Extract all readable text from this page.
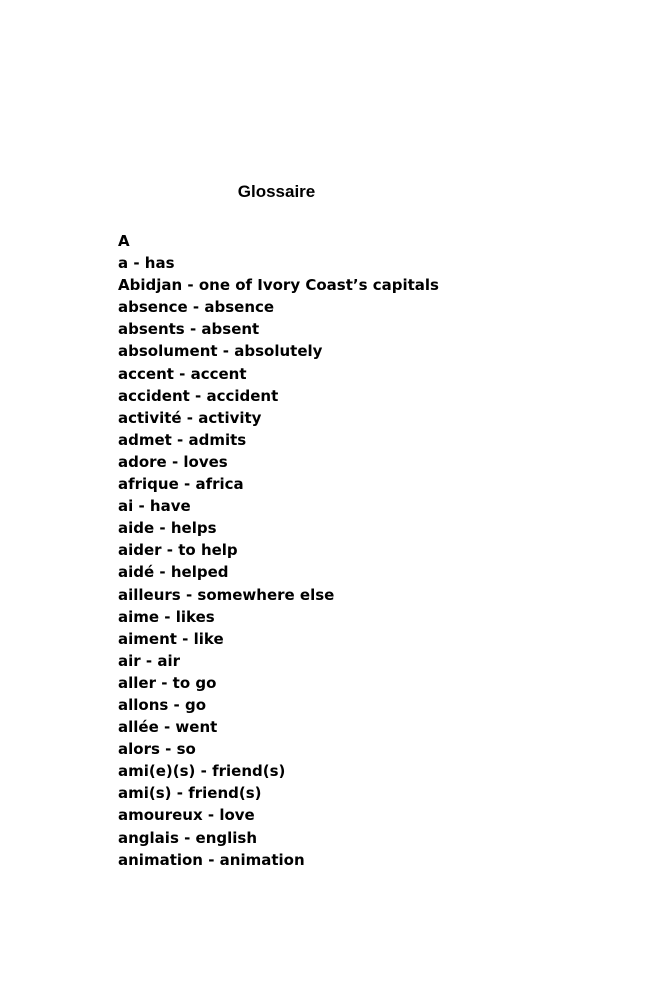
Glossaire
A
a - has
Abidjan - one of Ivory Coast’s capitals
absence - absence
absents - absent
absolument - absolutely
accent - accent
accident - accident
activité - activity
admet - admits
adore - loves
afrique - africa
ai - have
aide - helps
aider - to help
aidé - helped
ailleurs - somewhere else
aime - likes
aiment - like
air - air
aller - to go
allons - go
allée - went
alors - so
ami(e)(s) - friend(s)
ami(s) - friend(s)
amoureux - love
anglais - english
animation - animation
